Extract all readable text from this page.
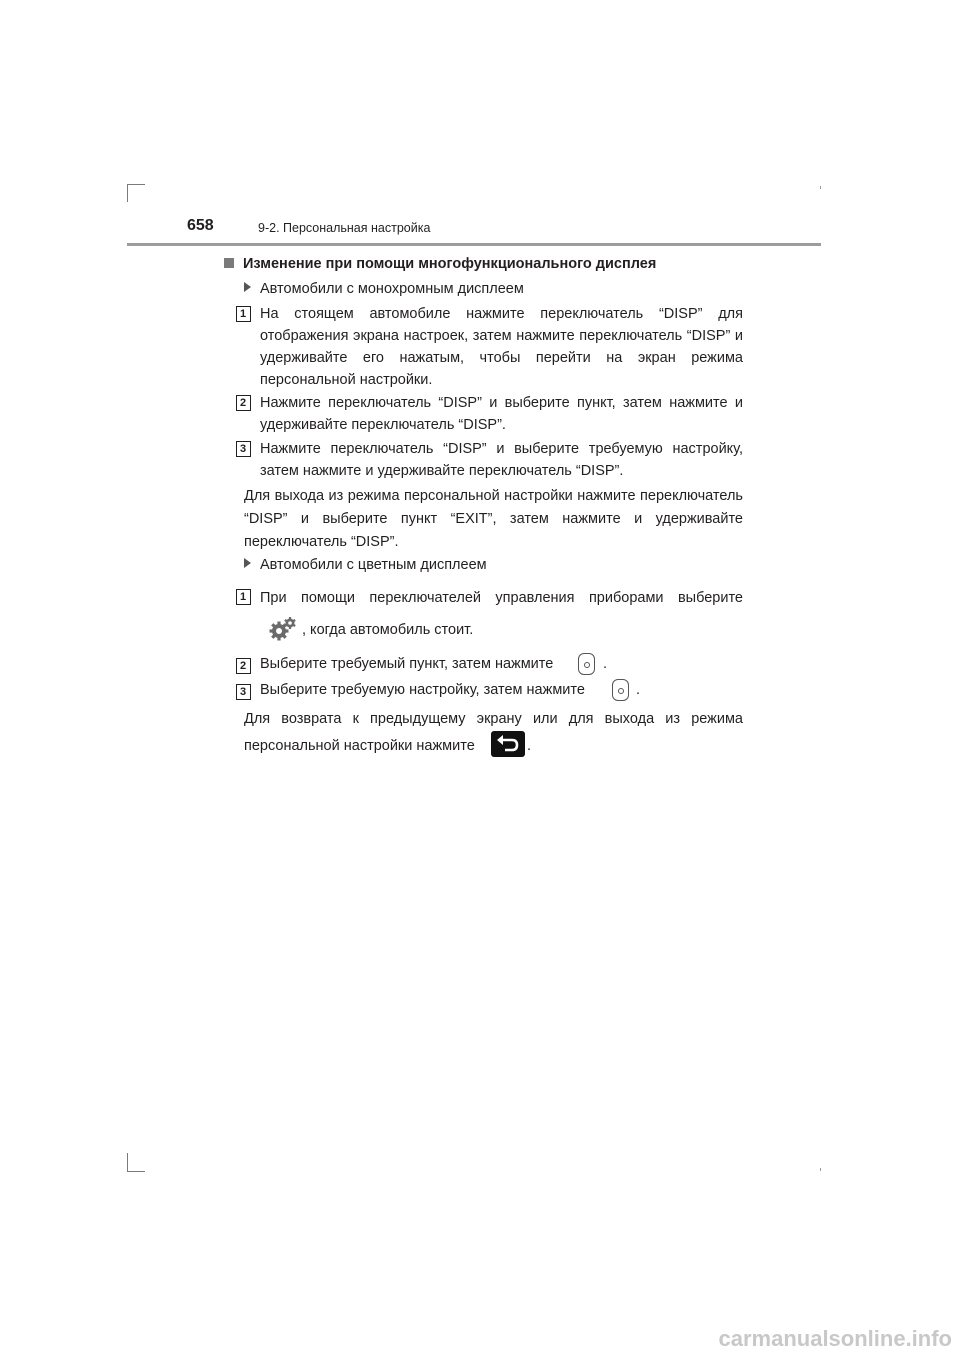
658	9-2. Персональная настройка
Изменение при помощи многофункционального дисплея
Автомобили с монохромным дисплеем
1 На стоящем автомобиле нажмите переключатель “DISP” для отображения экрана настроек, затем нажмите переключатель “DISP” и удерживайте его нажатым, чтобы перейти на экран режима персональной настройки.
2 Нажмите переключатель “DISP” и выберите пункт, затем нажмите и удерживайте переключатель “DISP”.
3 Нажмите переключатель “DISP” и выберите требуемую настройку, затем нажмите и удерживайте переключатель “DISP”.
Для выхода из режима персональной настройки нажмите переключатель “DISP” и выберите пункт “EXIT”, затем нажмите и удерживайте переключатель “DISP”.
Автомобили с цветным дисплеем
1 При помощи переключателей управления приборами выберите
, когда автомобиль стоит.
2 Выберите требуемый пункт, затем нажмите	.
3 Выберите требуемую настройку, затем нажмите	.
Для возврата к предыдущему экрану или для выхода из режима
персональной настройки нажмите	.
carmanualsonline.info
